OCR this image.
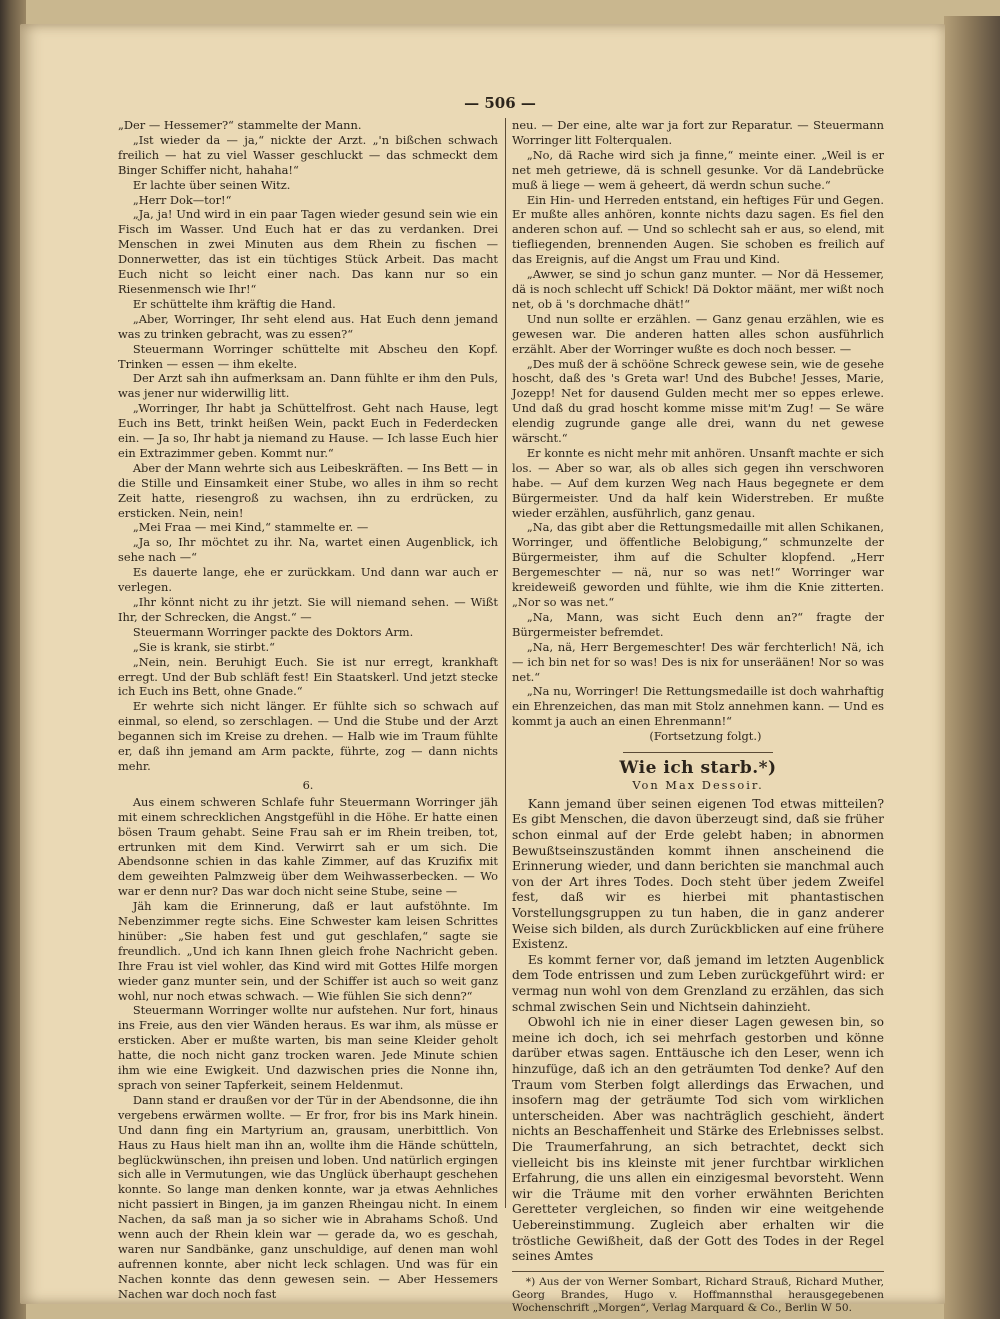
— 506 —

„Der — Hessemer?“ stammelte der Mann.

„Ist wieder da — ja,“ nickte der Arzt. „'n bißchen schwach freilich — hat zu viel Wasser geschluckt — das schmeckt dem Binger Schiffer nicht, hahaha!“

Er lachte über seinen Witz.

„Herr Dok—tor!“

„Ja, ja! Und wird in ein paar Tagen wieder gesund sein wie ein Fisch im Wasser. Und Euch hat er das zu verdanken. Drei Menschen in zwei Minuten aus dem Rhein zu fischen — Donnerwetter, das ist ein tüchtiges Stück Arbeit. Das macht Euch nicht so leicht einer nach. Das kann nur so ein Riesenmensch wie Ihr!“

Er schüttelte ihm kräftig die Hand.

„Aber, Worringer, Ihr seht elend aus. Hat Euch denn jemand was zu trinken gebracht, was zu essen?“

Steuermann Worringer schüttelte mit Abscheu den Kopf. Trinken — essen — ihm ekelte.

Der Arzt sah ihn aufmerksam an. Dann fühlte er ihm den Puls, was jener nur widerwillig litt.

„Worringer, Ihr habt ja Schüttelfrost. Geht nach Hause, legt Euch ins Bett, trinkt heißen Wein, packt Euch in Federdecken ein. — Ja so, Ihr habt ja niemand zu Hause. — Ich lasse Euch hier ein Extrazimmer geben. Kommt nur.“

Aber der Mann wehrte sich aus Leibeskräften. — Ins Bett — in die Stille und Einsamkeit einer Stube, wo alles in ihm so recht Zeit hatte, riesengroß zu wachsen, ihn zu erdrücken, zu ersticken. Nein, nein!

„Mei Fraa — mei Kind,“ stammelte er. —

„Ja so, Ihr möchtet zu ihr. Na, wartet einen Augenblick, ich sehe nach —“

Es dauerte lange, ehe er zurückkam. Und dann war auch er verlegen.

„Ihr könnt nicht zu ihr jetzt. Sie will niemand sehen. — Wißt Ihr, der Schrecken, die Angst.“ —

Steuermann Worringer packte des Doktors Arm.

„Sie is krank, sie stirbt.“

„Nein, nein. Beruhigt Euch. Sie ist nur erregt, krankhaft erregt. Und der Bub schläft fest! Ein Staatskerl. Und jetzt stecke ich Euch ins Bett, ohne Gnade.“

Er wehrte sich nicht länger. Er fühlte sich so schwach auf einmal, so elend, so zerschlagen. — Und die Stube und der Arzt begannen sich im Kreise zu drehen. — Halb wie im Traum fühlte er, daß ihn jemand am Arm packte, führte, zog — dann nichts mehr.

6.

Aus einem schweren Schlafe fuhr Steuermann Worringer jäh mit einem schrecklichen Angstgefühl in die Höhe. Er hatte einen bösen Traum gehabt. Seine Frau sah er im Rhein treiben, tot, ertrunken mit dem Kind. Verwirrt sah er um sich. Die Abendsonne schien in das kahle Zimmer, auf das Kruzifix mit dem geweihten Palmzweig über dem Weihwasserbecken. — Wo war er denn nur? Das war doch nicht seine Stube, seine —

Jäh kam die Erinnerung, daß er laut aufstöhnte. Im Nebenzimmer regte sichs. Eine Schwester kam leisen Schrittes hinüber: „Sie haben fest und gut geschlafen,“ sagte sie freundlich. „Und ich kann Ihnen gleich frohe Nachricht geben. Ihre Frau ist viel wohler, das Kind wird mit Gottes Hilfe morgen wieder ganz munter sein, und der Schiffer ist auch so weit ganz wohl, nur noch etwas schwach. — Wie fühlen Sie sich denn?“

Steuermann Worringer wollte nur aufstehen. Nur fort, hinaus ins Freie, aus den vier Wänden heraus. Es war ihm, als müsse er ersticken. Aber er mußte warten, bis man seine Kleider geholt hatte, die noch nicht ganz trocken waren. Jede Minute schien ihm wie eine Ewigkeit. Und dazwischen pries die Nonne ihn, sprach von seiner Tapferkeit, seinem Heldenmut.

Dann stand er draußen vor der Tür in der Abendsonne, die ihn vergebens erwärmen wollte. — Er fror, fror bis ins Mark hinein. Und dann fing ein Martyrium an, grausam, unerbittlich. Von Haus zu Haus hielt man ihn an, wollte ihm die Hände schütteln, beglückwünschen, ihn preisen und loben. Und natürlich ergingen sich alle in Vermutungen, wie das Unglück überhaupt geschehen konnte. So lange man denken konnte, war ja etwas Aehnliches nicht passiert in Bingen, ja im ganzen Rheingau nicht. In einem Nachen, da saß man ja so sicher wie in Abrahams Schoß. Und wenn auch der Rhein klein war — gerade da, wo es geschah, waren nur Sandbänke, ganz unschuldige, auf denen man wohl aufrennen konnte, aber nicht leck schlagen. Und was für ein Nachen konnte das denn gewesen sein. — Aber Hessemers Nachen war doch noch fast

neu. — Der eine, alte war ja fort zur Reparatur. — Steuermann Worringer litt Folterqualen.

„No, dä Rache wird sich ja finne,“ meinte einer. „Weil is er net meh getriewe, dä is schnell gesunke. Vor dä Landebrücke muß ä liege — wem ä geheert, dä werdn schun suche.“

Ein Hin- und Herreden entstand, ein heftiges Für und Gegen. Er mußte alles anhören, konnte nichts dazu sagen. Es fiel den anderen schon auf. — Und so schlecht sah er aus, so elend, mit tiefliegenden, brennenden Augen. Sie schoben es freilich auf das Ereignis, auf die Angst um Frau und Kind.

„Awwer, se sind jo schun ganz munter. — Nor dä Hessemer, dä is noch schlecht uff Schick! Dä Doktor määnt, mer wißt noch net, ob ä 's dorchmache dhät!“

Und nun sollte er erzählen. — Ganz genau erzählen, wie es gewesen war. Die anderen hatten alles schon ausführlich erzählt. Aber der Worringer wußte es doch noch besser. —

„Des muß der ä schööne Schreck gewese sein, wie de gesehe hoscht, daß des 's Greta war! Und des Bubche! Jesses, Marie, Jozepp! Net for dausend Gulden mecht mer so eppes erlewe. Und daß du grad hoscht komme misse mit'm Zug! — Se wäre elendig zugrunde gange alle drei, wann du net gewese wärscht.“

Er konnte es nicht mehr mit anhören. Unsanft machte er sich los. — Aber so war, als ob alles sich gegen ihn verschworen habe. — Auf dem kurzen Weg nach Haus begegnete er dem Bürgermeister. Und da half kein Widerstreben. Er mußte wieder erzählen, ausführlich, ganz genau.

„Na, das gibt aber die Rettungsmedaille mit allen Schikanen, Worringer, und öffentliche Belobigung,“ schmunzelte der Bürgermeister, ihm auf die Schulter klopfend. „Herr Bergemeschter — nä, nur so was net!“ Worringer war kreideweiß geworden und fühlte, wie ihm die Knie zitterten. „Nor so was net.“

„Na, Mann, was sicht Euch denn an?“ fragte der Bürgermeister befremdet.

„Na, nä, Herr Bergemeschter! Des wär ferchterlich! Nä, ich — ich bin net for so was! Des is nix for unseräänen! Nor so was net.“

„Na nu, Worringer! Die Rettungsmedaille ist doch wahrhaftig ein Ehrenzeichen, das man mit Stolz annehmen kann. — Und es kommt ja auch an einen Ehrenmann!“

(Fortsetzung folgt.)

Wie ich starb.*)
Von Max Dessoir.

Kann jemand über seinen eigenen Tod etwas mitteilen? Es gibt Menschen, die davon überzeugt sind, daß sie früher schon einmal auf der Erde gelebt haben; in abnormen Bewußtseinszuständen kommt ihnen anscheinend die Erinnerung wieder, und dann berichten sie manchmal auch von der Art ihres Todes. Doch steht über jedem Zweifel fest, daß wir es hierbei mit phantastischen Vorstellungsgruppen zu tun haben, die in ganz anderer Weise sich bilden, als durch Zurückblicken auf eine frühere Existenz.

Es kommt ferner vor, daß jemand im letzten Augenblick dem Tode entrissen und zum Leben zurückgeführt wird: er vermag nun wohl von dem Grenzland zu erzählen, das sich schmal zwischen Sein und Nichtsein dahinzieht.

Obwohl ich nie in einer dieser Lagen gewesen bin, so meine ich doch, ich sei mehrfach gestorben und könne darüber etwas sagen. Enttäusche ich den Leser, wenn ich hinzufüge, daß ich an den geträumten Tod denke? Auf den Traum vom Sterben folgt allerdings das Erwachen, und insofern mag der geträumte Tod sich vom wirklichen unterscheiden. Aber was nachträglich geschieht, ändert nichts an Beschaffenheit und Stärke des Erlebnisses selbst. Die Traumerfahrung, an sich betrachtet, deckt sich vielleicht bis ins kleinste mit jener furchtbar wirklichen Erfahrung, die uns allen ein einzigesmal bevorsteht. Wenn wir die Träume mit den vorher erwähnten Berichten Geretteter vergleichen, so finden wir eine weitgehende Uebereinstimmung. Zugleich aber erhalten wir die tröstliche Gewißheit, daß der Gott des Todes in der Regel seines Amtes

*) Aus der von Werner Sombart, Richard Strauß, Richard Muther, Georg Brandes, Hugo v. Hoffmannsthal herausgegebenen Wochenschrift „Morgen“, Verlag Marquard & Co., Berlin W 50.
